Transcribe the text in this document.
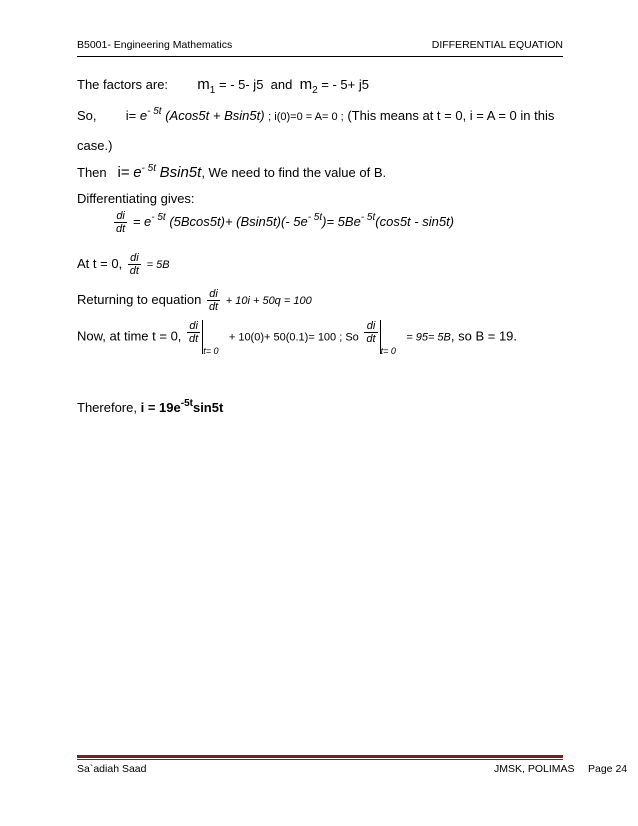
B5001- Engineering Mathematics	DIFFERENTIAL EQUATION
The factors are: $m_1$ = - 5- j5 and $m_2$ = - 5+ j5
So, $i= e^{- 5t}$ (Acos5t + Bsin5t) ; i(0)=0 = A= 0 ; (This means at t = 0, i = A = 0 in this
case.)
Then $i= e^{- 5t}$ Bsin5t, We need to find the value of B.
Differentiating gives:
$\frac{di}{dt} = e^{- 5t}$ (5Bcos5t)+ (Bsin5t)(- $5e^{- 5t})= 5Be^{- 5t}(\cos 5t - \sin 5t)$
At t = 0, $\frac{di}{dt} = 5B$
Returning to equation $\frac{di}{dt} + 10i + 50q = 100$
Now, at time t = 0, $\frac{di}{dt}$
t= 0
+ 10(0)+ 50(0.1)= 100 ; So $\frac{di}{dt}$
t= 0
= 95= 5B, so B = 19.
Therefore, $i = 19e^{-5t}\sin 5t$
Sa`adiah Saad	JMSK, POLIMAS Page 24
